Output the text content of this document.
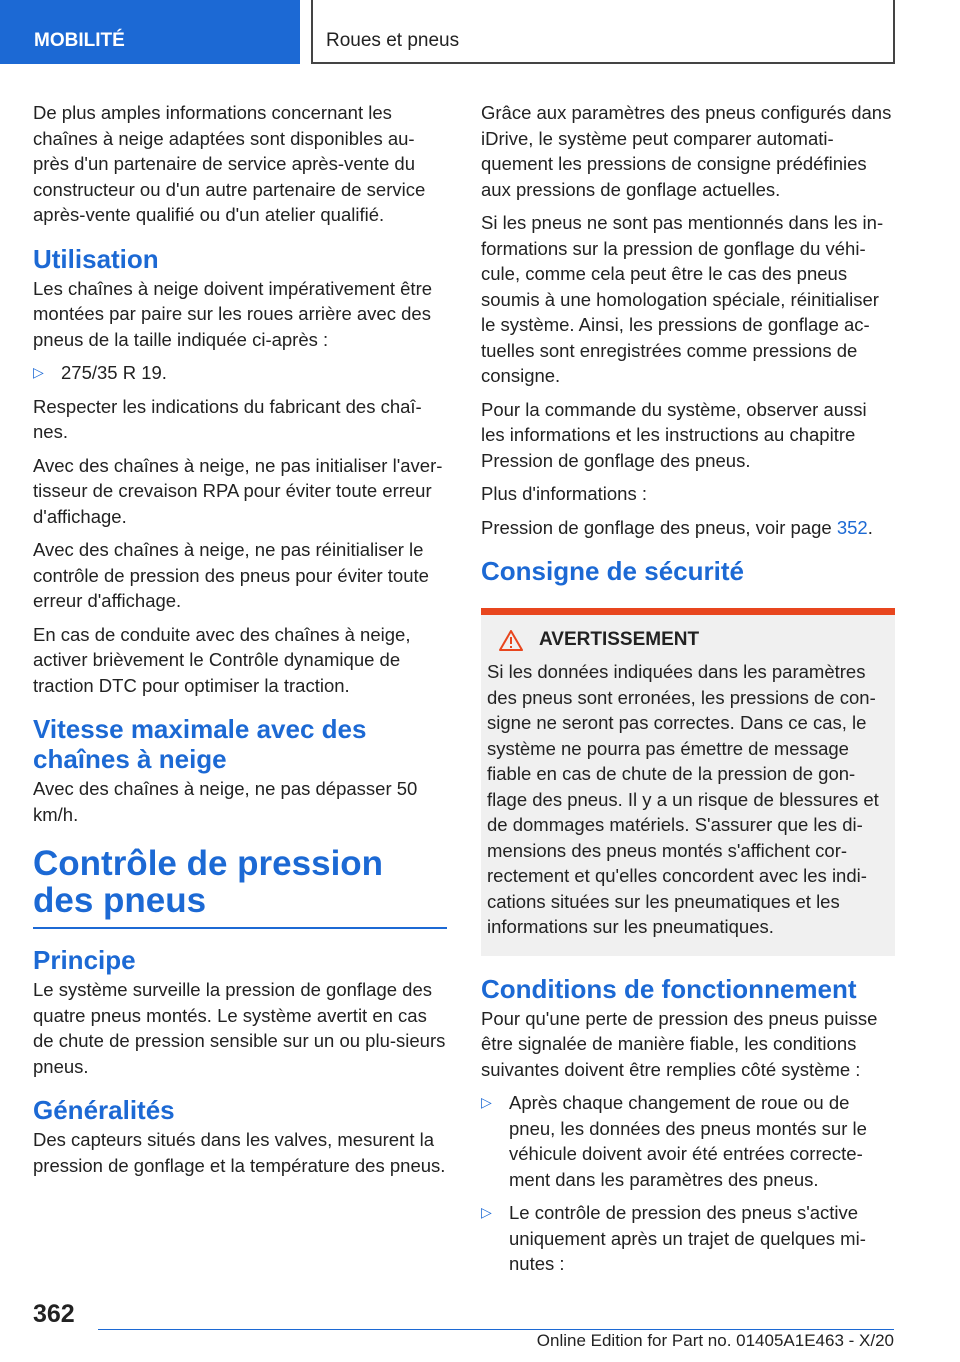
MOBILITÉ	Roues et pneus

De plus amples informations concernant les chaînes à neige adaptées sont disponibles au-près d'un partenaire de service après-vente du constructeur ou d'un autre partenaire de service après-vente qualifié ou d'un atelier qualifié.

Utilisation

Les chaînes à neige doivent impérativement être montées par paire sur les roues arrière avec des pneus de la taille indiquée ci-après :

▷ 275/35 R 19.

Respecter les indications du fabricant des chaî-nes.

Avec des chaînes à neige, ne pas initialiser l'aver-tisseur de crevaison RPA pour éviter toute erreur d'affichage.

Avec des chaînes à neige, ne pas réinitialiser le contrôle de pression des pneus pour éviter toute erreur d'affichage.

En cas de conduite avec des chaînes à neige, activer brièvement le Contrôle dynamique de traction DTC pour optimiser la traction.

Vitesse maximale avec des chaînes à neige

Avec des chaînes à neige, ne pas dépasser 50 km/h.

Contrôle de pression des pneus
Principe

Le système surveille la pression de gonflage des quatre pneus montés. Le système avertit en cas de chute de pression sensible sur un ou plu-sieurs pneus.

Généralités

Des capteurs situés dans les valves, mesurent la pression de gonflage et la température des pneus.

Grâce aux paramètres des pneus configurés dans iDrive, le système peut comparer automati-quement les pressions de consigne prédéfinies aux pressions de gonflage actuelles.

Si les pneus ne sont pas mentionnés dans les in-formations sur la pression de gonflage du véhi-cule, comme cela peut être le cas des pneus soumis à une homologation spéciale, réinitialiser le système. Ainsi, les pressions de gonflage ac-tuelles sont enregistrées comme pressions de consigne.

Pour la commande du système, observer aussi les informations et les instructions au chapitre Pression de gonflage des pneus.

Plus d'informations :

Pression de gonflage des pneus, voir page 352.

Consigne de sécurité
AVERTISSEMENT

Si les données indiquées dans les paramètres des pneus sont erronées, les pressions de con-signe ne seront pas correctes. Dans ce cas, le système ne pourra pas émettre de message fiable en cas de chute de la pression de gon-flage des pneus. Il y a un risque de blessures et de dommages matériels. S'assurer que les di-mensions des pneus montés s'affichent cor-rectement et qu'elles concordent avec les indi-cations situées sur les pneumatiques et les informations sur les pneumatiques.

Conditions de fonctionnement

Pour qu'une perte de pression des pneus puisse être signalée de manière fiable, les conditions suivantes doivent être remplies côté système :

▷ Après chaque changement de roue ou de pneu, les données des pneus montés sur le véhicule doivent avoir été entrées correcte-ment dans les paramètres des pneus.
▷ Le contrôle de pression des pneus s'active uniquement après un trajet de quelques mi-nutes :
362
Online Edition for Part no. 01405A1E463 - X/20
